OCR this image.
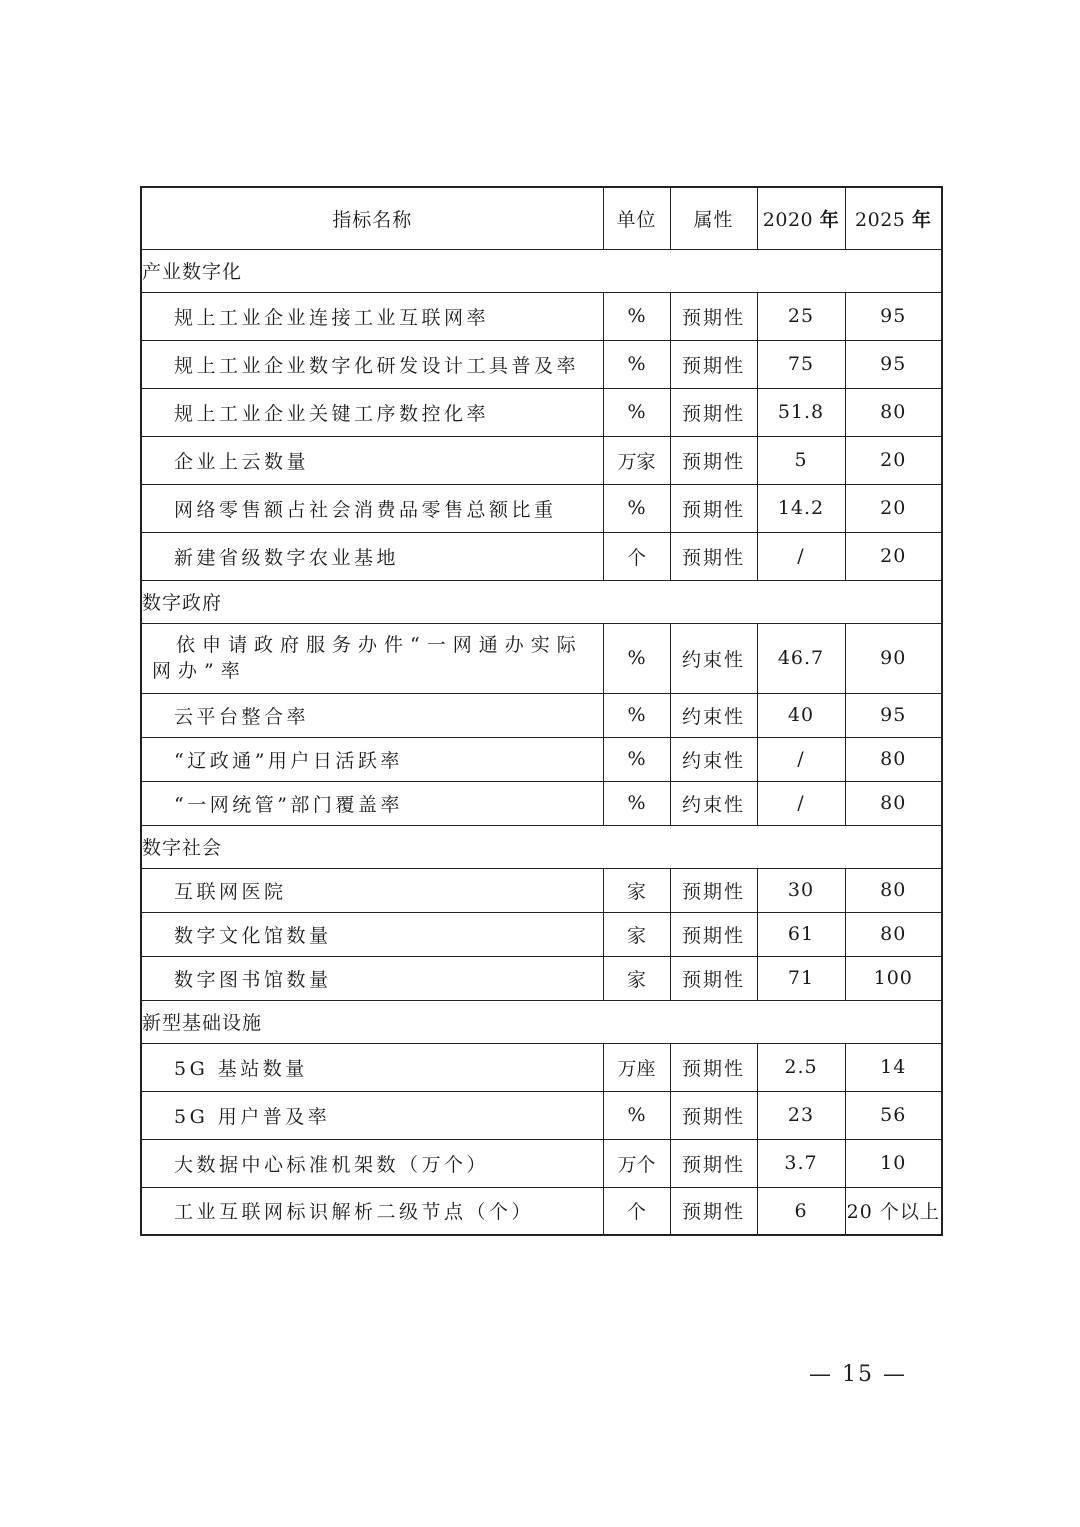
指标名称	单位	属性	2020 年	2025 年
产业数字化				
规上工业企业连接工业互联网率	%	预期性	25	95
规上工业企业数字化研发设计工具普及率	%	预期性	75	95
规上工业企业关键工序数控化率	%	预期性	51.8	80
企业上云数量	万家	预期性	5	20
网络零售额占社会消费品零售总额比重	%	预期性	14.2	20
新建省级数字农业基地	个	预期性	/	20
数字政府				
依申请政府服务办件“一网通办实际网办”率	%	约束性	46.7	90
云平台整合率	%	约束性	40	95
“辽政通”用户日活跃率	%	约束性	/	80
“一网统管”部门覆盖率	%	约束性	/	80
数字社会				
互联网医院	家	预期性	30	80
数字文化馆数量	家	预期性	61	80
数字图书馆数量	家	预期性	71	100
新型基础设施				
5G 基站数量	万座	预期性	2.5	14
5G 用户普及率	%	预期性	23	56
大数据中心标准机架数（万个）	万个	预期性	3.7	10
工业互联网标识解析二级节点（个）	个	预期性	6	20 个以上
— 15 —
